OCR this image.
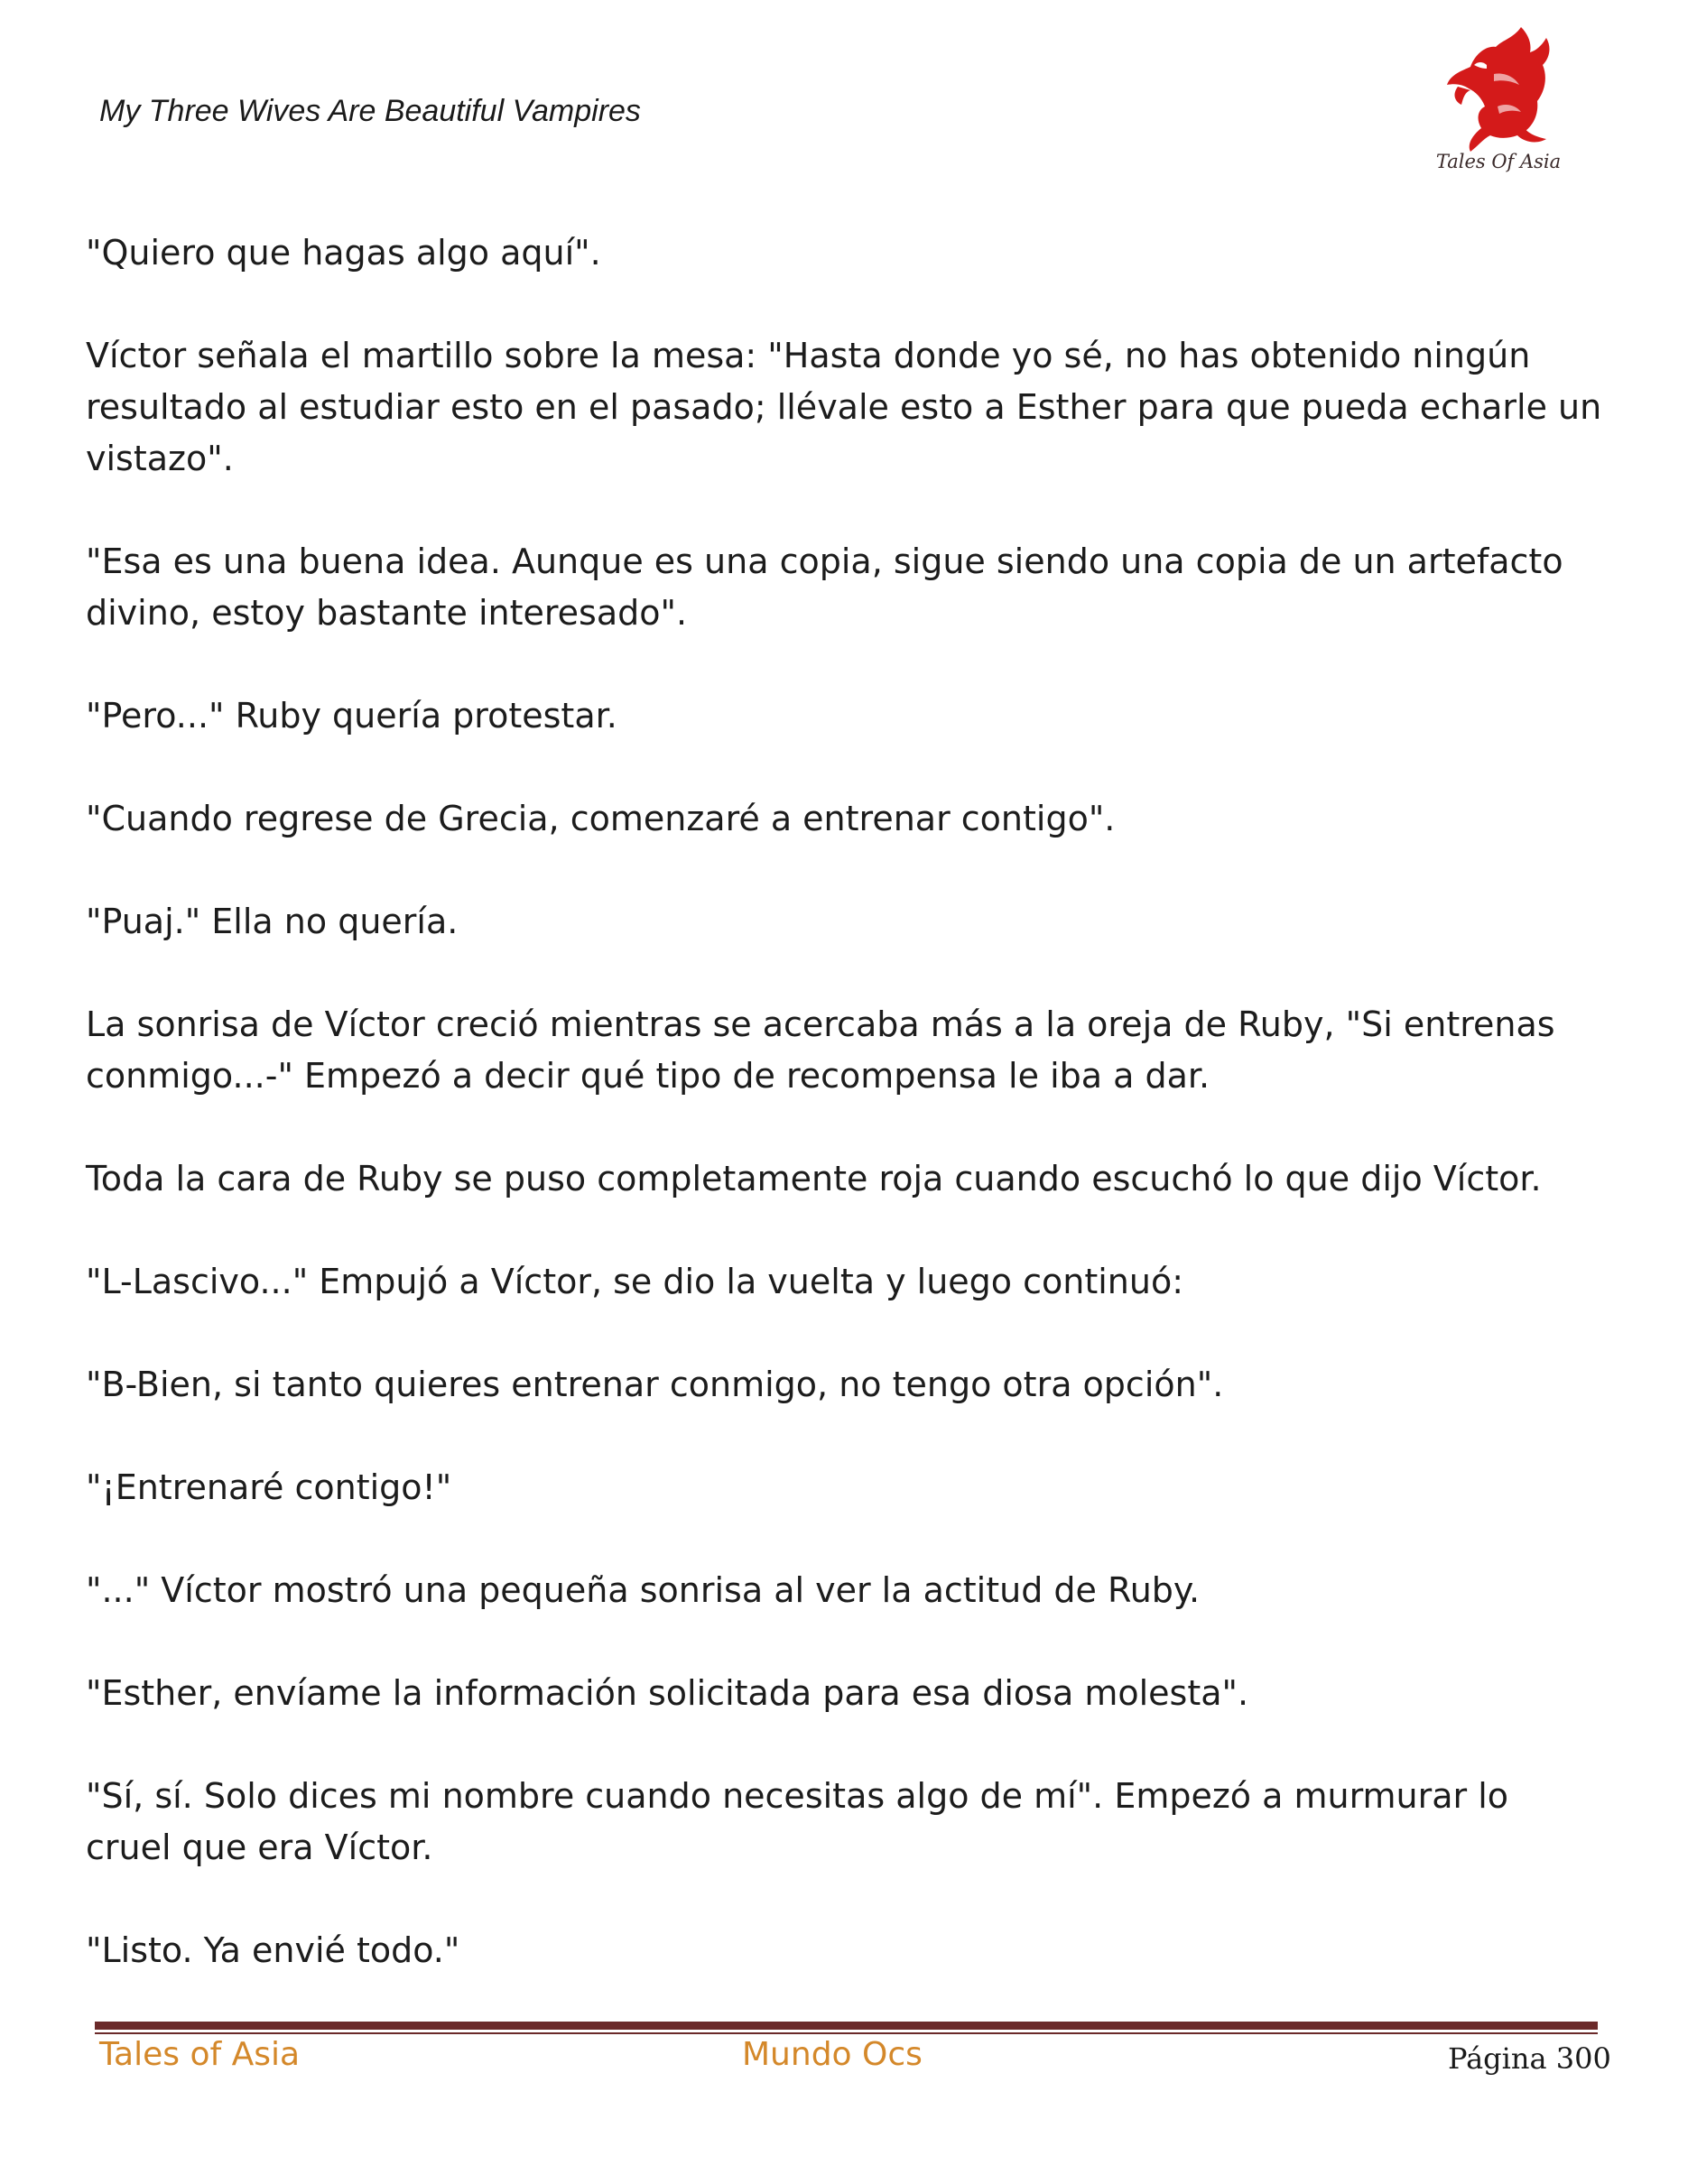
My Three Wives Are Beautiful Vampires
Tales Of Asia

"Quiero que hagas algo aquí".

Víctor señala el martillo sobre la mesa: "Hasta donde yo sé, no has obtenido ningún resultado al estudiar esto en el pasado; llévale esto a Esther para que pueda echarle un vistazo".

"Esa es una buena idea. Aunque es una copia, sigue siendo una copia de un artefacto divino, estoy bastante interesado".

"Pero..." Ruby quería protestar.

"Cuando regrese de Grecia, comenzaré a entrenar contigo".

"Puaj." Ella no quería.

La sonrisa de Víctor creció mientras se acercaba más a la oreja de Ruby, "Si entrenas conmigo...-" Empezó a decir qué tipo de recompensa le iba a dar.

Toda la cara de Ruby se puso completamente roja cuando escuchó lo que dijo Víctor.

"L-Lascivo..." Empujó a Víctor, se dio la vuelta y luego continuó:

"B-Bien, si tanto quieres entrenar conmigo, no tengo otra opción".

"¡Entrenaré contigo!"

"..." Víctor mostró una pequeña sonrisa al ver la actitud de Ruby.

"Esther, envíame la información solicitada para esa diosa molesta".

"Sí, sí. Solo dices mi nombre cuando necesitas algo de mí". Empezó a murmurar lo cruel que era Víctor.

"Listo. Ya envié todo."

Tales of Asia	Mundo Ocs	Página 300
